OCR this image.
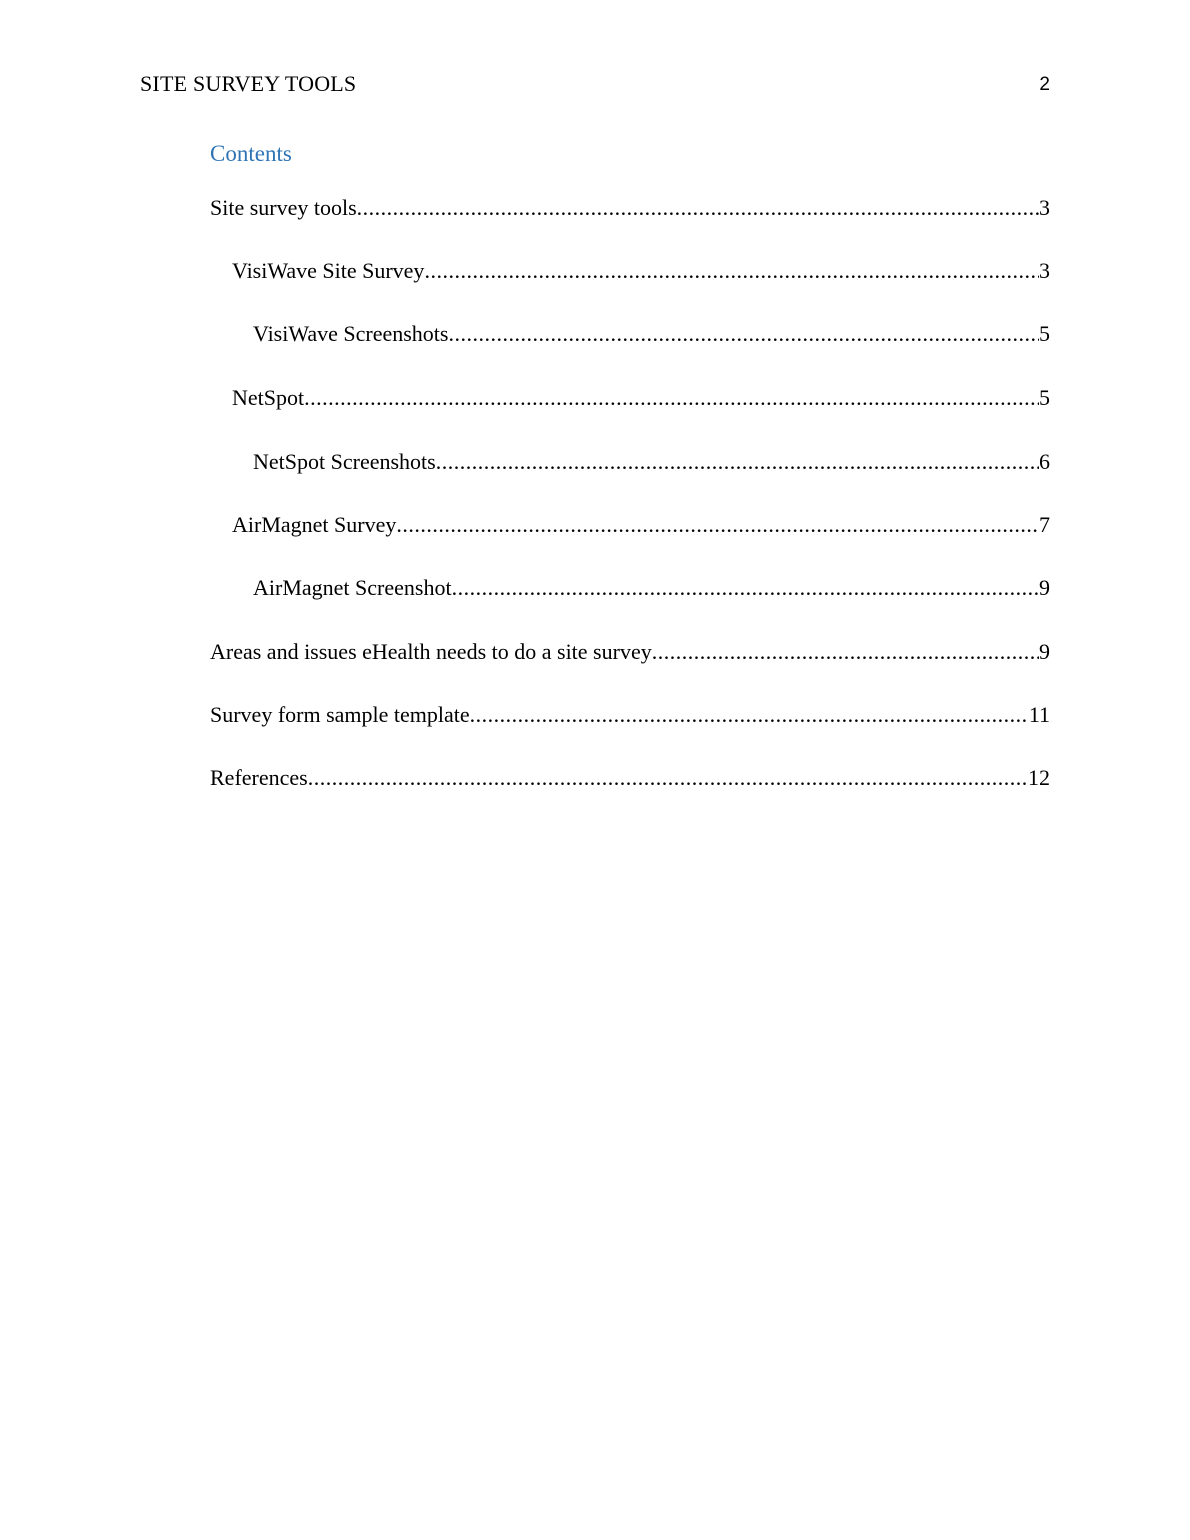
SITE SURVEY TOOLS	2
Contents
Site survey tools .....	3
VisiWave Site Survey .....	3
VisiWave Screenshots .....	5
NetSpot .....	5
NetSpot Screenshots .....	6
AirMagnet Survey .....	7
AirMagnet Screenshot .....	9
Areas and issues eHealth needs to do a site survey .....	9
Survey form sample template .....	11
References .....	12
